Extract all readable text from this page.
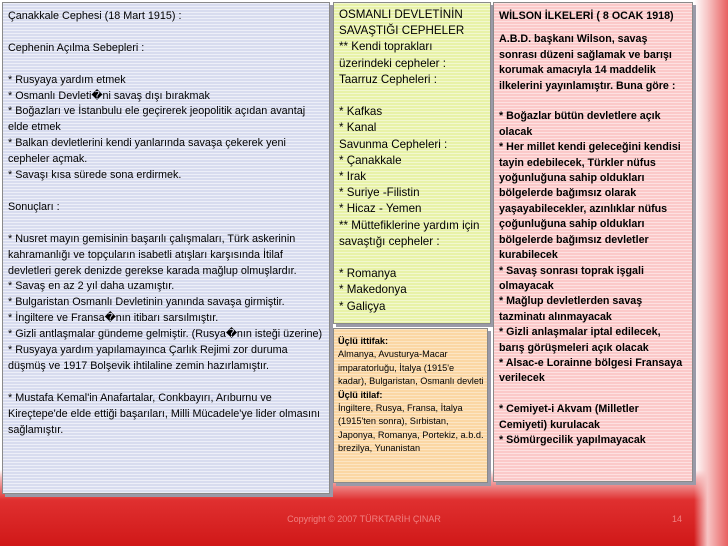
Çanakkale Cephesi (18 Mart 1915) :

Cephenin Açılma Sebepleri :

* Rusyaya yardım etmek
* Osmanlı Devleti�ni savaş dışı bırakmak
* Boğazları ve İstanbulu ele geçirerek jeopolitik açıdan avantaj elde etmek
* Balkan devletlerini kendi yanlarında savaşa çekerek yeni cepheler açmak.
* Savaşı kısa sürede sona erdirmek.

Sonuçları :

* Nusret mayın gemisinin başarılı çalışmaları, Türk askerinin kahramanlığı ve topçuların isabetli atışları karşısında İtilaf devletleri gerek denizde gerekse karada mağlup olmuşlardır.
* Savaş en az 2 yıl daha uzamıştır.
* Bulgaristan Osmanlı Devletinin yanında savaşa girmiştir.
* İngiltere ve Fransa�nın itibarı sarsılmıştır.
* Gizli antlaşmalar gündeme gelmiştir. (Rusya�nın isteği üzerine)
* Rusyaya yardım yapılamayınca Çarlık Rejimi zor duruma düşmüş ve 1917 Bolşevik ihtilaline zemin hazırlamıştır.

* Mustafa Kemal'in Anafartalar, Conkbayırı, Arıburnu ve Kireçtepe'de elde ettiği başarıları, Milli Mücadele'ye lider olmasını sağlamıştır.
OSMANLI DEVLETİNİN SAVAŞTIĞI CEPHELER
** Kendi toprakları üzerindeki cepheler :
Taarruz Cepheleri :

* Kafkas
* Kanal
Savunma Cepheleri :
* Çanakkale
* Irak
* Suriye -Filistin
* Hicaz - Yemen
** Müttefiklerine yardım için savaştığı cepheler :

* Romanya
* Makedonya
* Galiçya
Üçlü ittifak:
Almanya, Avusturya-Macar imparatorluğu, İtalya (1915'e kadar), Bulgaristan, Osmanlı devleti
Üçlü itilaf:
İngiltere, Rusya, Fransa, İtalya (1915'ten sonra), Sırbistan, Japonya, Romanya, Portekiz, a.b.d. brezilya, Yunanistan
WİLSON İLKELERİ ( 8 OCAK 1918)
A.B.D. başkanı Wilson, savaş sonrası düzeni sağlamak ve barışı korumak amacıyla 14 maddelik ilkelerini yayınlamıştır. Buna göre :

* Boğazlar bütün devletlere açık olacak
* Her millet kendi geleceğini kendisi tayin edebilecek, Türkler nüfus yoğunluğuna sahip oldukları bölgelerde bağımsız olarak yaşayabilecekler, azınlıklar nüfus çoğunluğuna sahip oldukları bölgelerde bağımsız devletler kurabilecek
* Savaş sonrası toprak işgali olmayacak
* Mağlup devletlerden savaş tazminatı alınmayacak
* Gizli anlaşmalar iptal edilecek, barış görüşmeleri açık olacak
* Alsac-e Lorainne bölgesi Fransaya verilecek

* Cemiyet-i Akvam (Milletler Cemiyeti) kurulacak
* Sömürgecilik yapılmayacak
Copyright © 2007 TÜRKTARİH ÇINAR	14
